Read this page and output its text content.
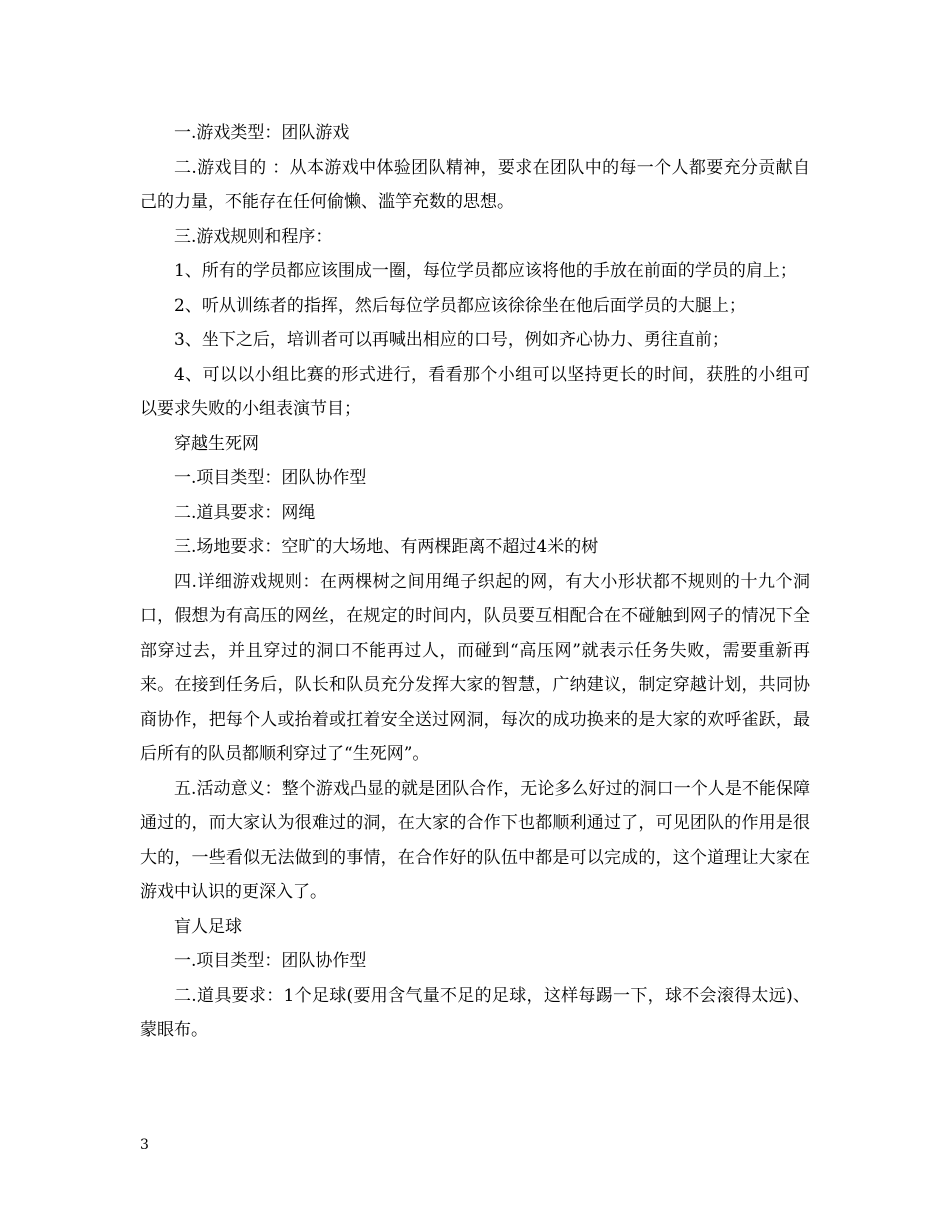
一.游戏类型：团队游戏

二.游戏目的 ：从本游戏中体验团队精神，要求在团队中的每一个人都要充分贡献自己的力量，不能存在任何偷懒、滥竽充数的思想。

三.游戏规则和程序：

1、所有的学员都应该围成一圈，每位学员都应该将他的手放在前面的学员的肩上；

2、听从训练者的指挥，然后每位学员都应该徐徐坐在他后面学员的大腿上；

3、坐下之后，培训者可以再喊出相应的口号，例如齐心协力、勇往直前；

4、可以以小组比赛的形式进行，看看那个小组可以坚持更长的时间，获胜的小组可以要求失败的小组表演节目；

穿越生死网

一.项目类型：团队协作型

二.道具要求：网绳

三.场地要求：空旷的大场地、有两棵距离不超过4米的树

四.详细游戏规则：在两棵树之间用绳子织起的网，有大小形状都不规则的十九个洞口，假想为有高压的网丝，在规定的时间内，队员要互相配合在不碰触到网子的情况下全部穿过去，并且穿过的洞口不能再过人，而碰到“高压网”就表示任务失败，需要重新再来。在接到任务后，队长和队员充分发挥大家的智慧，广纳建议，制定穿越计划，共同协商协作，把每个人或抬着或扛着安全送过网洞，每次的成功换来的是大家的欢呼雀跃，最后所有的队员都顺利穿过了“生死网”。

五.活动意义：整个游戏凸显的就是团队合作，无论多么好过的洞口一个人是不能保障通过的，而大家认为很难过的洞，在大家的合作下也都顺利通过了，可见团队的作用是很大的，一些看似无法做到的事情，在合作好的队伍中都是可以完成的，这个道理让大家在游戏中认识的更深入了。

盲人足球

一.项目类型：团队协作型

二.道具要求：1个足球(要用含气量不足的足球，这样每踢一下，球不会滚得太远)、蒙眼布。

3
